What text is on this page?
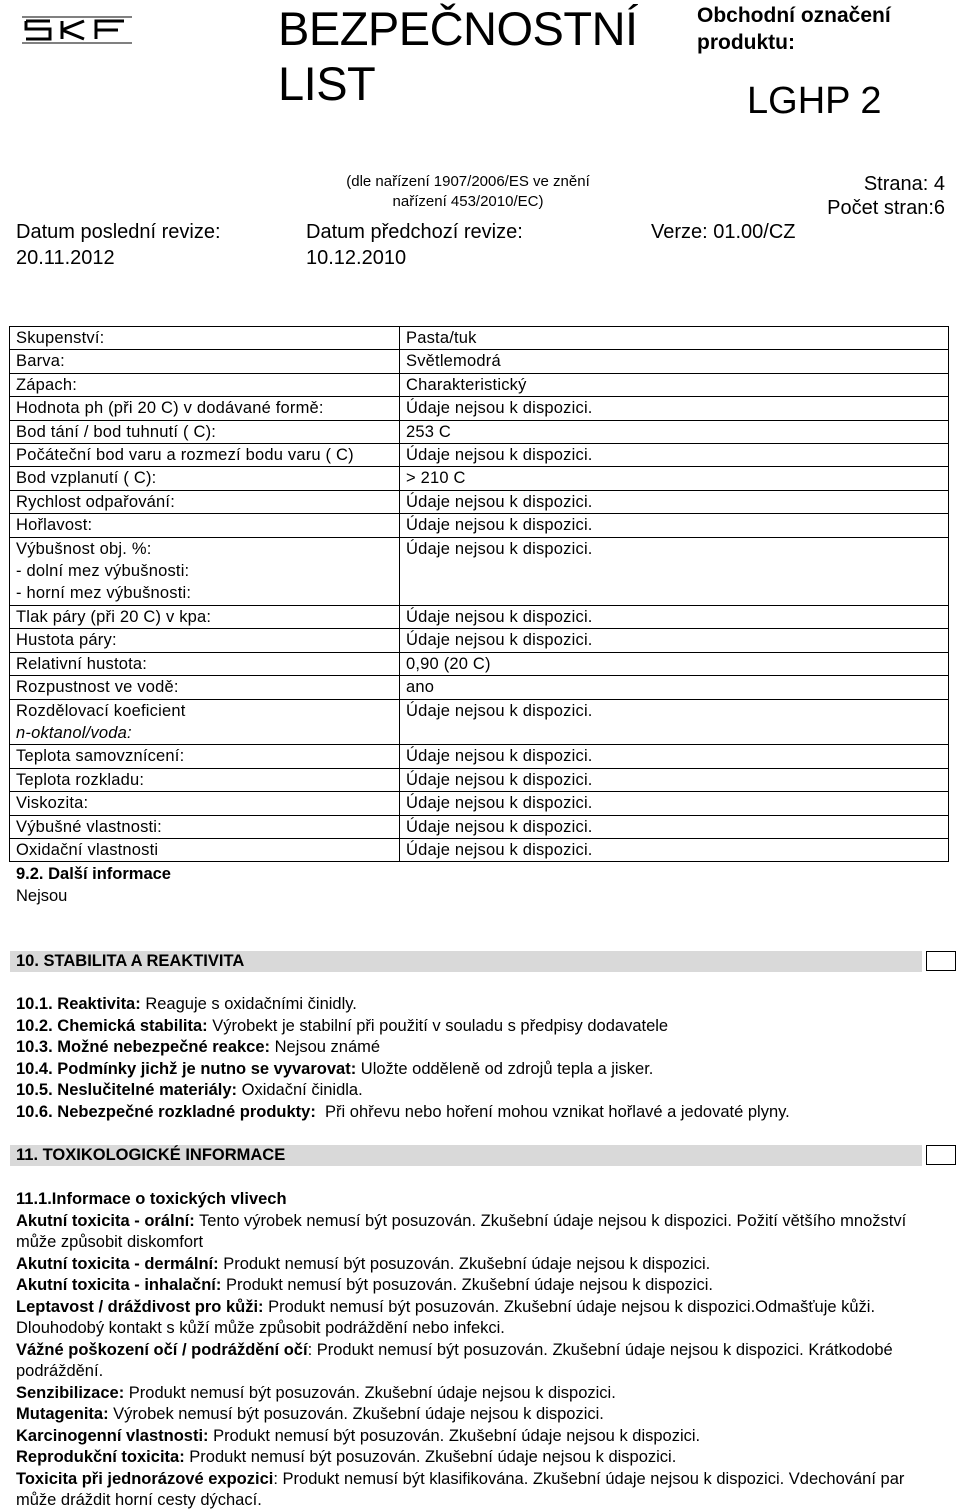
BEZPEČNOSTNÍ
LIST
Obchodní označení produktu:
LGHP 2
(dle nařízení 1907/2006/ES ve znění nařízení 453/2010/EC)
Strana: 4
Počet stran:6
Datum poslední revize:
20.11.2012
Datum předchozí revize:
10.12.2010
Verze: 01.00/CZ
Skupenství:	Pasta/tuk

Barva:	Světlemodrá

Zápach:	Charakteristický

Hodnota ph (při 20 C) v dodávané formě:	Údaje nejsou k dispozici.

Bod tání / bod tuhnutí ( C):	253 C

Počáteční bod varu a rozmezí bodu varu ( C)	Údaje nejsou k dispozici.

Bod vzplanutí ( C):	> 210 C

Rychlost odpařování:	Údaje nejsou k dispozici.

Hořlavost:	Údaje nejsou k dispozici.

Výbušnost obj. %:
- dolní mez výbušnosti:
- horní mez výbušnosti:	Údaje nejsou k dispozici.

Tlak páry (při 20 C) v kpa:	Údaje nejsou k dispozici.

Hustota páry:	Údaje nejsou k dispozici.

Relativní hustota:	0,90 (20 C)

Rozpustnost ve vodě:	ano

Rozdělovací koeficient
n-oktanol/voda:	Údaje nejsou k dispozici.

Teplota samovznícení:	Údaje nejsou k dispozici.

Teplota rozkladu:	Údaje nejsou k dispozici.

Viskozita:	Údaje nejsou k dispozici.

Výbušné vlastnosti:	Údaje nejsou k dispozici.

Oxidační vlastnosti	Údaje nejsou k dispozici.
9.2. Další informace
Nejsou
10. STABILITA A REAKTIVITA
10.1. Reaktivita: Reaguje s oxidačními činidly.
10.2. Chemická stabilita: Výrobekt je stabilní při použití v souladu s předpisy dodavatele
10.3. Možné nebezpečné reakce: Nejsou známé
10.4. Podmínky jichž je nutno se vyvarovat: Uložte odděleně od zdrojů tepla a jisker.
10.5. Neslučitelné materiály: Oxidační činidla.
10.6. Nebezpečné rozkladné produkty:  Při ohřevu nebo hoření mohou vznikat hořlavé a jedovaté plyny.
11. TOXIKOLOGICKÉ INFORMACE
11.1.Informace o toxických vlivech
Akutní toxicita - orální: Tento výrobek nemusí být posuzován. Zkušební údaje nejsou k dispozici. Požití většího množství může způsobit diskomfort
Akutní toxicita - dermální: Produkt nemusí být posuzován. Zkušební údaje nejsou k dispozici.
Akutní toxicita - inhalační: Produkt nemusí být posuzován. Zkušební údaje nejsou k dispozici.
Leptavost / dráždivost pro kůži: Produkt nemusí být posuzován. Zkušební údaje nejsou k dispozici.Odmašťuje kůži. Dlouhodobý kontakt s kůží může způsobit podráždění nebo infekci.
Vážné poškození očí / podráždění očí: Produkt nemusí být posuzován. Zkušební údaje nejsou k dispozici. Krátkodobé podráždění.
Senzibilizace: Produkt nemusí být posuzován. Zkušební údaje nejsou k dispozici.
Mutagenita: Výrobek nemusí být posuzován. Zkušební údaje nejsou k dispozici.
Karcinogenní vlastnosti: Produkt nemusí být posuzován. Zkušební údaje nejsou k dispozici.
Reprodukční toxicita: Produkt nemusí být posuzován. Zkušební údaje nejsou k dispozici.
Toxicita při jednorázové expozici: Produkt nemusí být klasifikována. Zkušební údaje nejsou k dispozici. Vdechování par může dráždit horní cesty dýchací.
